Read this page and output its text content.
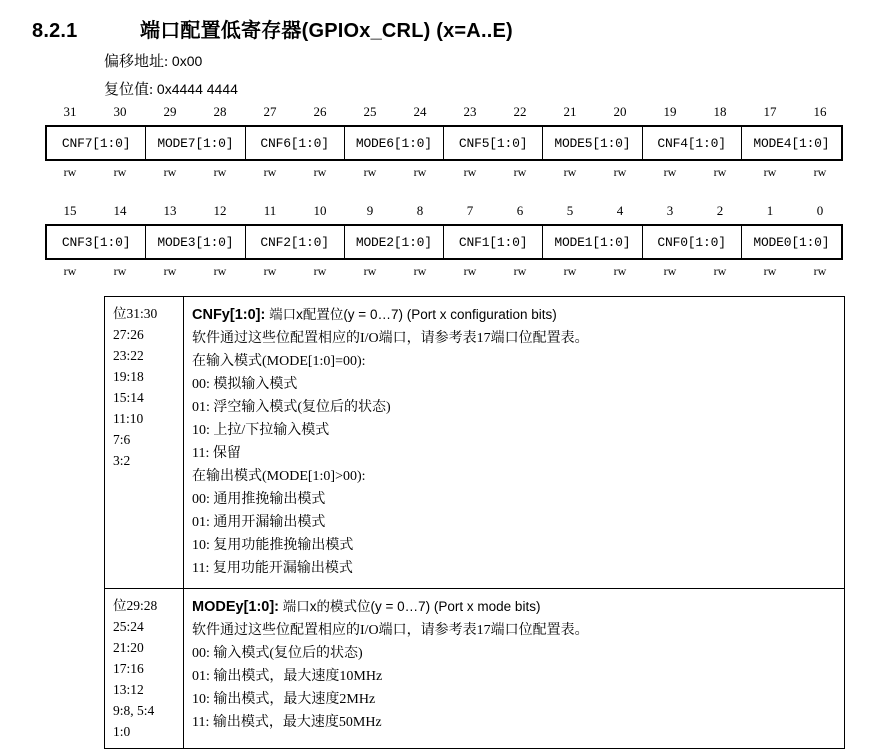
8.2.1	端口配置低寄存器(GPIOx_CRL) (x=A..E)
偏移地址: 0x00
复位值: 0x4444 4444
31	30	29	28	27	26	25	24	23	22	21	20	19	18	17	16
CNF7[1:0]	MODE7[1:0]	CNF6[1:0]	MODE6[1:0]	CNF5[1:0]	MODE5[1:0]	CNF4[1:0]	MODE4[1:0]
rw	rw	rw	rw	rw	rw	rw	rw	rw	rw	rw	rw	rw	rw	rw	rw
15	14	13	12	11	10	9	8	7	6	5	4	3	2	1	0
CNF3[1:0]	MODE3[1:0]	CNF2[1:0]	MODE2[1:0]	CNF1[1:0]	MODE1[1:0]	CNF0[1:0]	MODE0[1:0]
rw	rw	rw	rw	rw	rw	rw	rw	rw	rw	rw	rw	rw	rw	rw	rw
位31:30
27:26
23:22
19:18
15:14
11:10
7:6
3:2
CNFy[1:0]: 端口x配置位(y = 0…7) (Port x configuration bits)
软件通过这些位配置相应的I/O端口，请参考表17端口位配置表。
在输入模式(MODE[1:0]=00):
00: 模拟输入模式
01: 浮空输入模式(复位后的状态)
10: 上拉/下拉输入模式
11: 保留
在输出模式(MODE[1:0]>00):
00: 通用推挽输出模式
01: 通用开漏输出模式
10: 复用功能推挽输出模式
11: 复用功能开漏输出模式
位29:28
25:24
21:20
17:16
13:12
9:8, 5:4
1:0
MODEy[1:0]: 端口x的模式位(y = 0…7) (Port x mode bits)
软件通过这些位配置相应的I/O端口，请参考表17端口位配置表。
00: 输入模式(复位后的状态)
01: 输出模式，最大速度10MHz
10: 输出模式，最大速度2MHz
11: 输出模式，最大速度50MHz
